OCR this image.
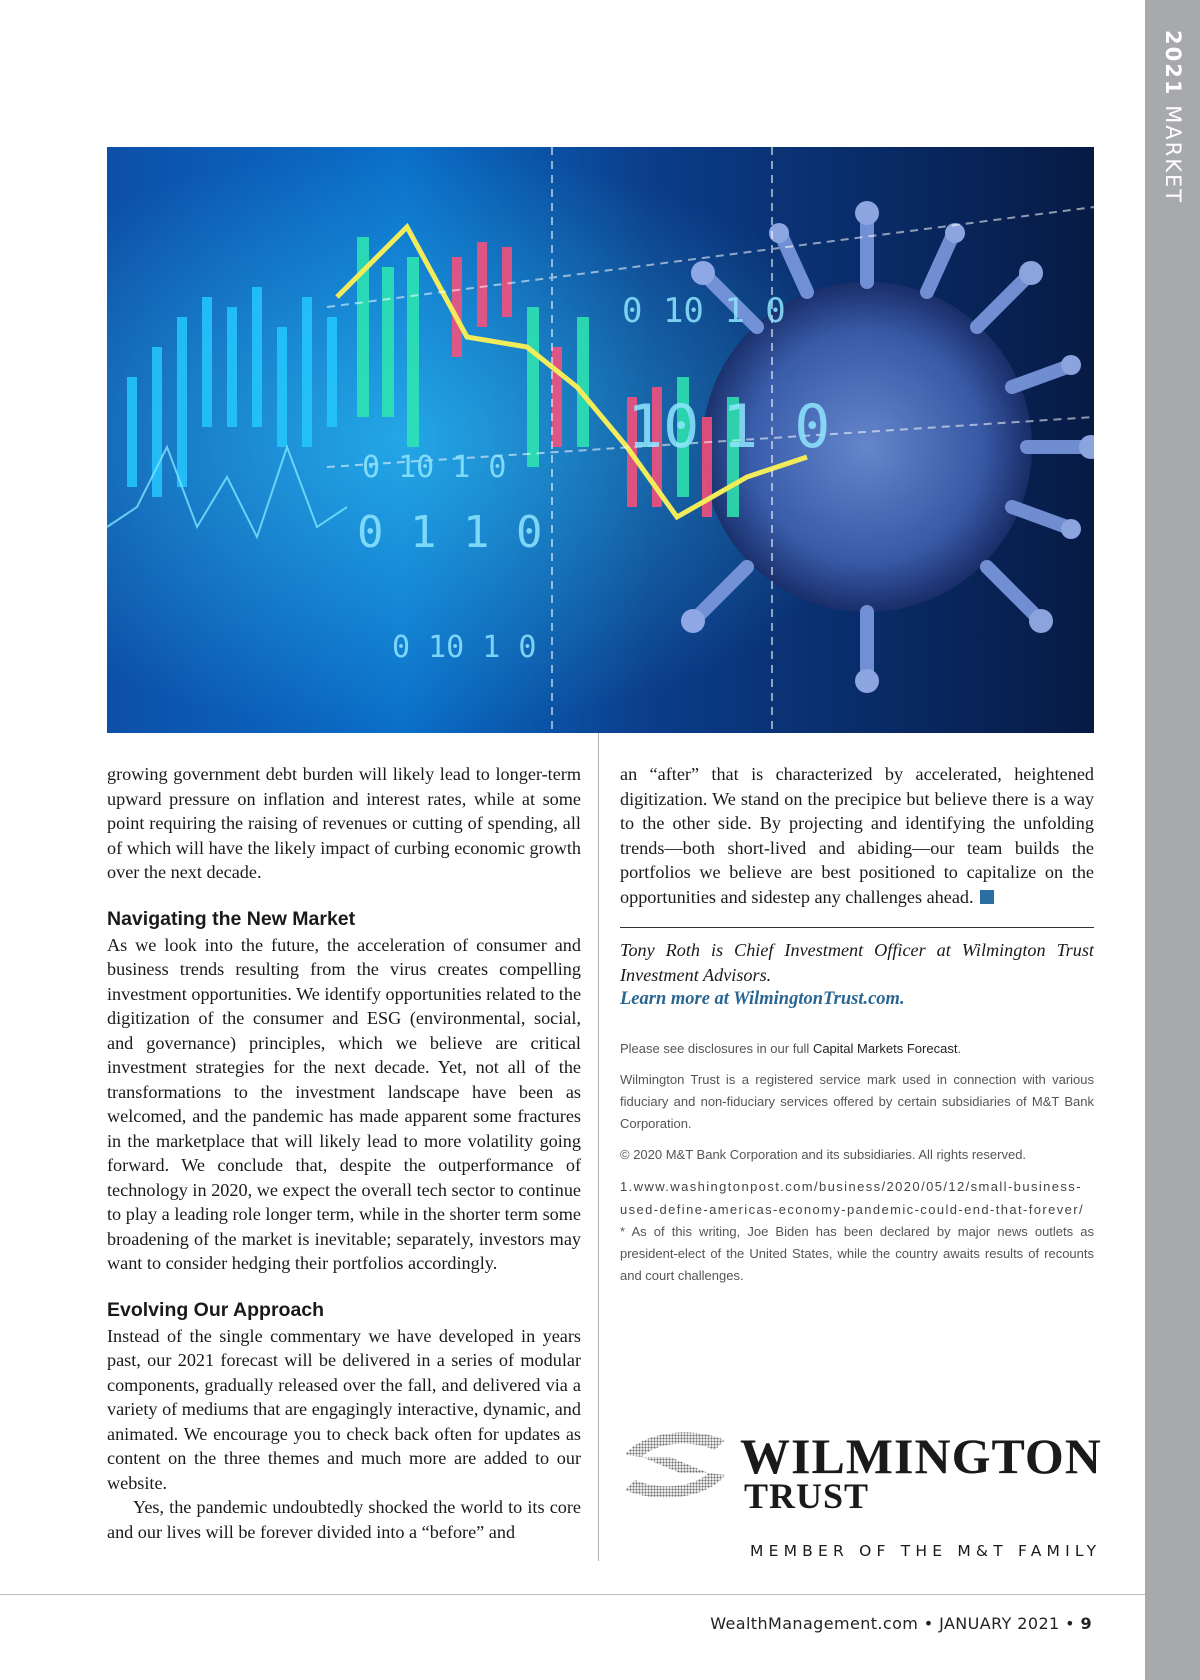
2021 MARKET OUTLOOK
0 10 1 0
10 1 0
0 10 1 0
0 1 1 0
0 10 1 0

growing government debt burden will likely lead to longer-term upward pressure on inflation and interest rates, while at some point requiring the raising of revenues or cutting of spending, all of which will have the likely impact of curbing economic growth over the next decade.

Navigating the New Market

As we look into the future, the acceleration of consumer and business trends resulting from the virus creates compelling investment opportunities. We identify opportunities related to the digitization of the consumer and ESG (environmental, social, and governance) principles, which we believe are critical investment strategies for the next decade. Yet, not all of the transformations to the investment landscape have been as welcomed, and the pandemic has made apparent some fractures in the marketplace that will likely lead to more volatility going forward. We conclude that, despite the outperformance of technology in 2020, we expect the overall tech sector to continue to play a leading role longer term, while in the shorter term some broadening of the market is inevitable; separately, investors may want to consider hedging their portfolios accordingly.

Evolving Our Approach

Instead of the single commentary we have developed in years past, our 2021 forecast will be delivered in a series of modular components, gradually released over the fall, and delivered via a variety of mediums that are engagingly interactive, dynamic, and animated. We encourage you to check back often for updates as content on the three themes and much more are added to our website.

Yes, the pandemic undoubtedly shocked the world to its core and our lives will be forever divided into a “before” and

an “after” that is characterized by accelerated, heightened digitization. We stand on the precipice but believe there is a way to the other side. By projecting and identifying the unfolding trends—both short-lived and abiding—our team builds the portfolios we believe are best positioned to capitalize on the opportunities and sidestep any challenges ahead.

Tony Roth is Chief Investment Officer at Wilmington Trust Investment Advisors.

Learn more at WilmingtonTrust.com.

Please see disclosures in our full Capital Markets Forecast.

Wilmington Trust is a registered service mark used in connection with various fiduciary and non-fiduciary services offered by certain subsidiaries of M&T Bank Corporation.

© 2020 M&T Bank Corporation and its subsidiaries. All rights reserved.

1.www.washingtonpost.com/business/2020/05/12/small-business-used-define-americas-economy-pandemic-could-end-that-forever/

* As of this writing, Joe Biden has been declared by major news outlets as president-elect of the United States, while the country awaits results of recounts and court challenges.

WILMINGTON
TRUST
MEMBER OF THE M&T FAMILY
WealthManagement.com • JANUARY 2021 • 9
